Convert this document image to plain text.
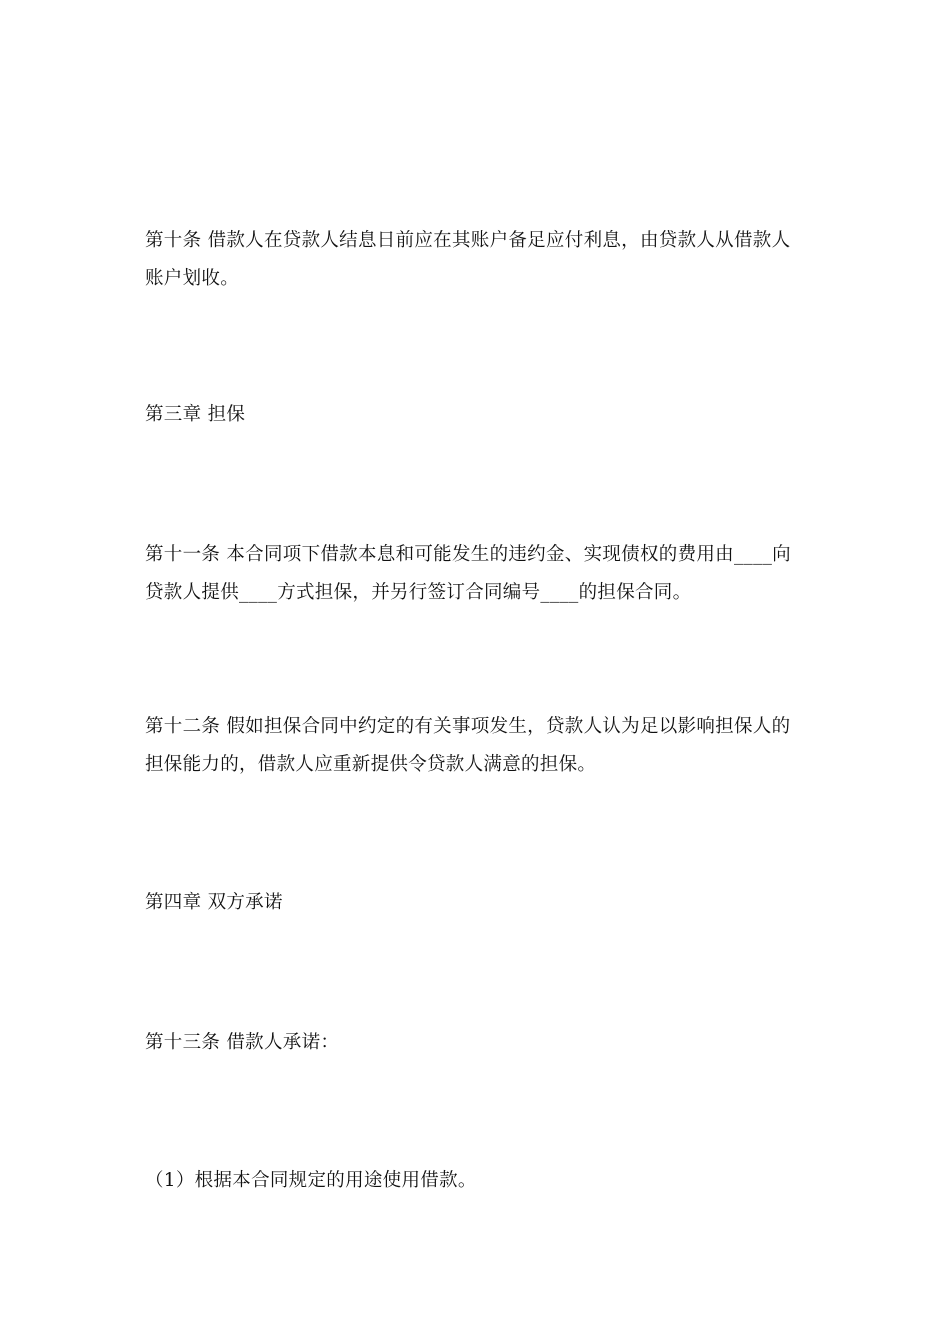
第十条 借款人在贷款人结息日前应在其账户备足应付利息，由贷款人从借款人
账户划收。
第三章 担保
第十一条 本合同项下借款本息和可能发生的违约金、实现债权的费用由____向
贷款人提供____方式担保，并另行签订合同编号____的担保合同。
第十二条 假如担保合同中约定的有关事项发生，贷款人认为足以影响担保人的
担保能力的，借款人应重新提供令贷款人满意的担保。
第四章 双方承诺
第十三条 借款人承诺：
（1）根据本合同规定的用途使用借款。
